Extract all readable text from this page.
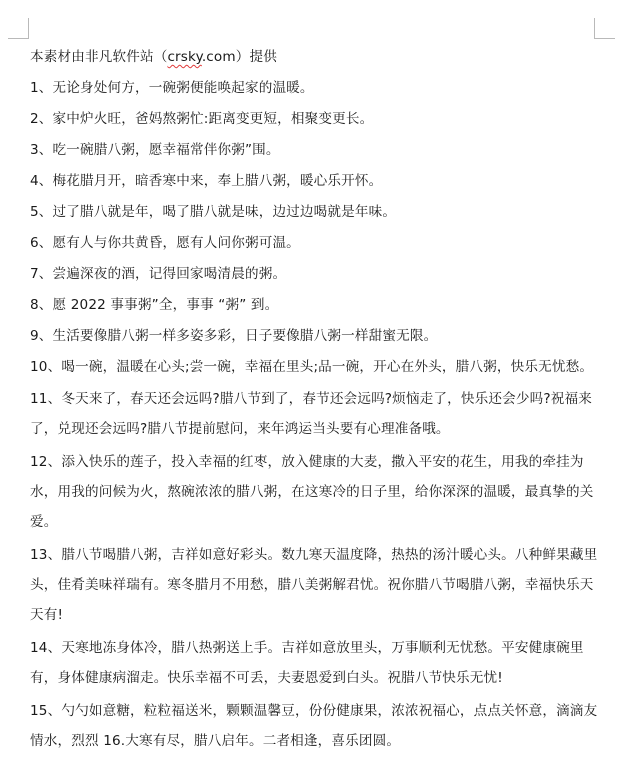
本素材由非凡软件站（crsky.com）提供

1、无论身处何方，一碗粥便能唤起家的温暖。

2、家中炉火旺，爸妈熬粥忙:距离变更短，相聚变更长。

3、吃一碗腊八粥，愿幸福常伴你粥”围。

4、梅花腊月开，暗香寒中来，奉上腊八粥，暖心乐开怀。

5、过了腊八就是年，喝了腊八就是味，边过边喝就是年味。

6、愿有人与你共黄昏，愿有人问你粥可温。

7、尝遍深夜的酒，记得回家喝清晨的粥。

8、愿 2022 事事粥”全，事事 “粥” 到。

9、生活要像腊八粥一样多姿多彩，日子要像腊八粥一样甜蜜无限。

10、喝一碗，温暖在心头;尝一碗，幸福在里头;品一碗，开心在外头，腊八粥，快乐无忧愁。

11、冬天来了，春天还会远吗?腊八节到了，春节还会远吗?烦恼走了，快乐还会少吗?祝福来了，兑现还会远吗?腊八节提前慰问，来年鸿运当头要有心理准备哦。

12、添入快乐的莲子，投入幸福的红枣，放入健康的大麦，撒入平安的花生，用我的牵挂为水，用我的问候为火，熬碗浓浓的腊八粥，在这寒冷的日子里，给你深深的温暖，最真挚的关爱。

13、腊八节喝腊八粥，吉祥如意好彩头。数九寒天温度降，热热的汤汁暖心头。八种鲜果藏里头，佳肴美味祥瑞有。寒冬腊月不用愁，腊八美粥解君忧。祝你腊八节喝腊八粥，幸福快乐天天有!

14、天寒地冻身体冷，腊八热粥送上手。吉祥如意放里头，万事顺利无忧愁。平安健康碗里有，身体健康病溜走。快乐幸福不可丢，夫妻恩爱到白头。祝腊八节快乐无忧!

15、勺勺如意糖，粒粒福送米，颗颗温馨豆，份份健康果，浓浓祝福心，点点关怀意，滴滴友情水，烈烈 16.大寒有尽，腊八启年。二者相逢，喜乐团圆。
